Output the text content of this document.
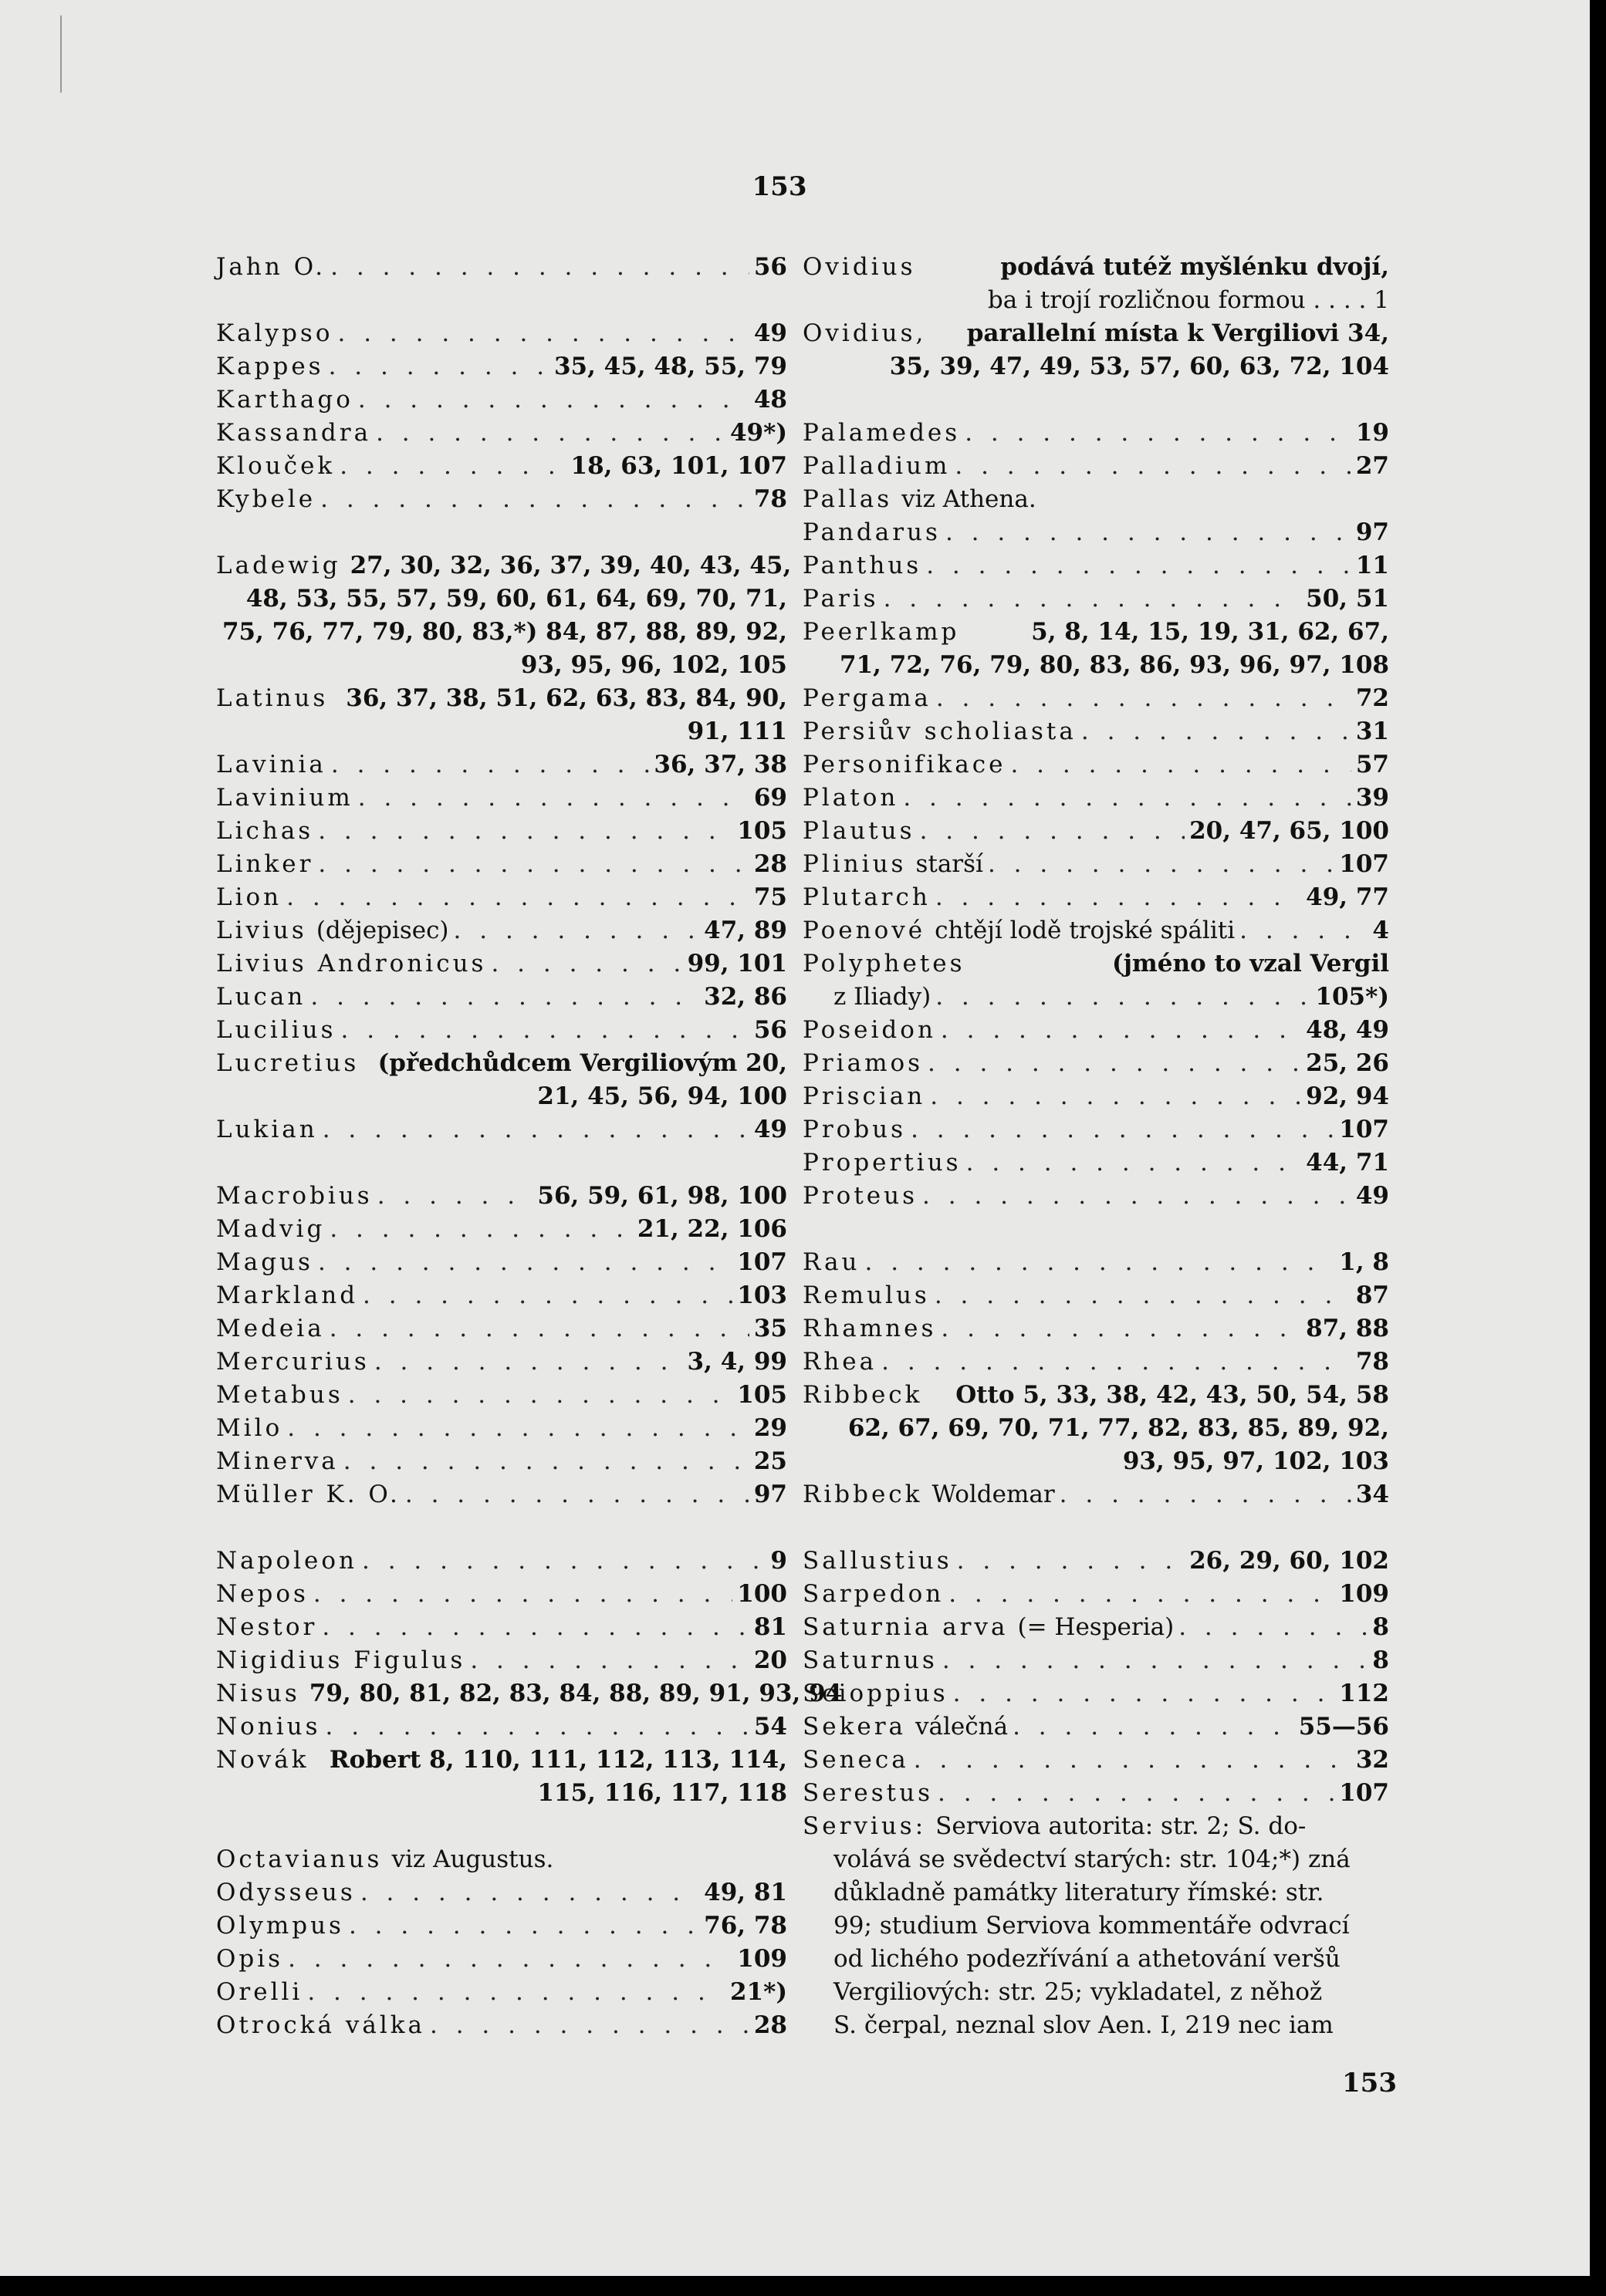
153
Jahn O. . . .	56
Kalypso . . .	49
Kappes . . .	35, 45, 48, 55, 79
Karthago . . .	48
Kassandra . . .	49*)
Klouček . . .	18, 63, 101, 107
Kybele . . .	78
Ladewig 27, 30, 32, 36, 37, 39, 40, 43, 45,
48, 53, 55, 57, 59, 60, 61, 64, 69, 70, 71,
75, 76, 77, 79, 80, 83,*) 84, 87, 88, 89, 92,
93, 95, 96, 102, 105
Latinus 36, 37, 38, 51, 62, 63, 83, 84, 90,
91, 111
Lavinia . . .	36, 37, 38
Lavinium . . .	69
Lichas . . .	105
Linker . . .	28
Lion . . .	75
Livius (dějepisec) . . .	47, 89
Livius Andronicus . . .	99, 101
Lucan . . .	32, 86
Lucilius . . .	56
Lucretius (předchůdcem Vergiliovým 20,
21, 45, 56, 94, 100
Lukian . . .	49
Macrobius . . .	56, 59, 61, 98, 100
Madvig . . .	21, 22, 106
Magus . . .	107
Markland . . .	103
Medeia . . .	35
Mercurius . . .	3, 4, 99
Metabus . . .	105
Milo . . .	29
Minerva . . .	25
Müller K. O. . . .	97
Napoleon . . .	9
Nepos . . .	100
Nestor . . .	81
Nigidius Figulus . . .	20
Nisus 79, 80, 81, 82, 83, 84, 88, 89, 91, 93, 94
Nonius . . .	54
Novák Robert 8, 110, 111, 112, 113, 114,
115, 116, 117, 118
Octavianus viz Augustus.
Odysseus . . .	49, 81
Olympus . . .	76, 78
Opis . . .	109
Orelli . . .	21*)
Otrocká válka . . .	28
Ovidius	podává tutéž myšlénku dvojí,
ba i trojí rozličnou formou . . . . 1
Ovidius,	parallelní místa k Vergiliovi 34,
35, 39, 47, 49, 53, 57, 60, 63, 72, 104
Palamedes . . .	19
Palladium . . .	27
Pallas viz Athena.
Pandarus . . .	97
Panthus . . .	11
Paris . . .	50, 51
Peerlkamp	5, 8, 14, 15, 19, 31, 62, 67,
71, 72, 76, 79, 80, 83, 86, 93, 96, 97, 108
Pergama . . .	72
Persiův scholiasta . . .	31
Personifikace . . .	57
Platon . . .	39
Plautus . . .	20, 47, 65, 100
Plinius starší . . .	107
Plutarch . . .	49, 77
Poenové chtějí lodě trojské spáliti . . .	4
Polyphetes	(jméno to vzal Vergil
z Iliady) . . .	105*)
Poseidon . . .	48, 49
Priamos . . .	25, 26
Priscian . . .	92, 94
Probus . . .	107
Propertius . . .	44, 71
Proteus . . .	49
Rau . . .	1, 8
Remulus . . .	87
Rhamnes . . .	87, 88
Rhea . . .	78
Ribbeck	Otto 5, 33, 38, 42, 43, 50, 54, 58
62, 67, 69, 70, 71, 77, 82, 83, 85, 89, 92,
93, 95, 97, 102, 103
Ribbeck Woldemar . . .	34
Sallustius . . .	26, 29, 60, 102
Sarpedon . . .	109
Saturnia arva (= Hesperia) . . .	8
Saturnus . . .	8
Scioppius . . .	112
Sekera válečná . . .	55—56
Seneca . . .	32
Serestus . . .	107
Servius: Serviova autorita: str. 2; S. do-
volává se svědectví starých: str. 104;*) zná
důkladně památky literatury římské: str.
99; studium Serviova kommentáře odvrací
od lichého podezřívání a athetování veršů
Vergiliových: str. 25; vykladatel, z něhož
S. čerpal, neznal slov Aen. I, 219 nec iam
153
